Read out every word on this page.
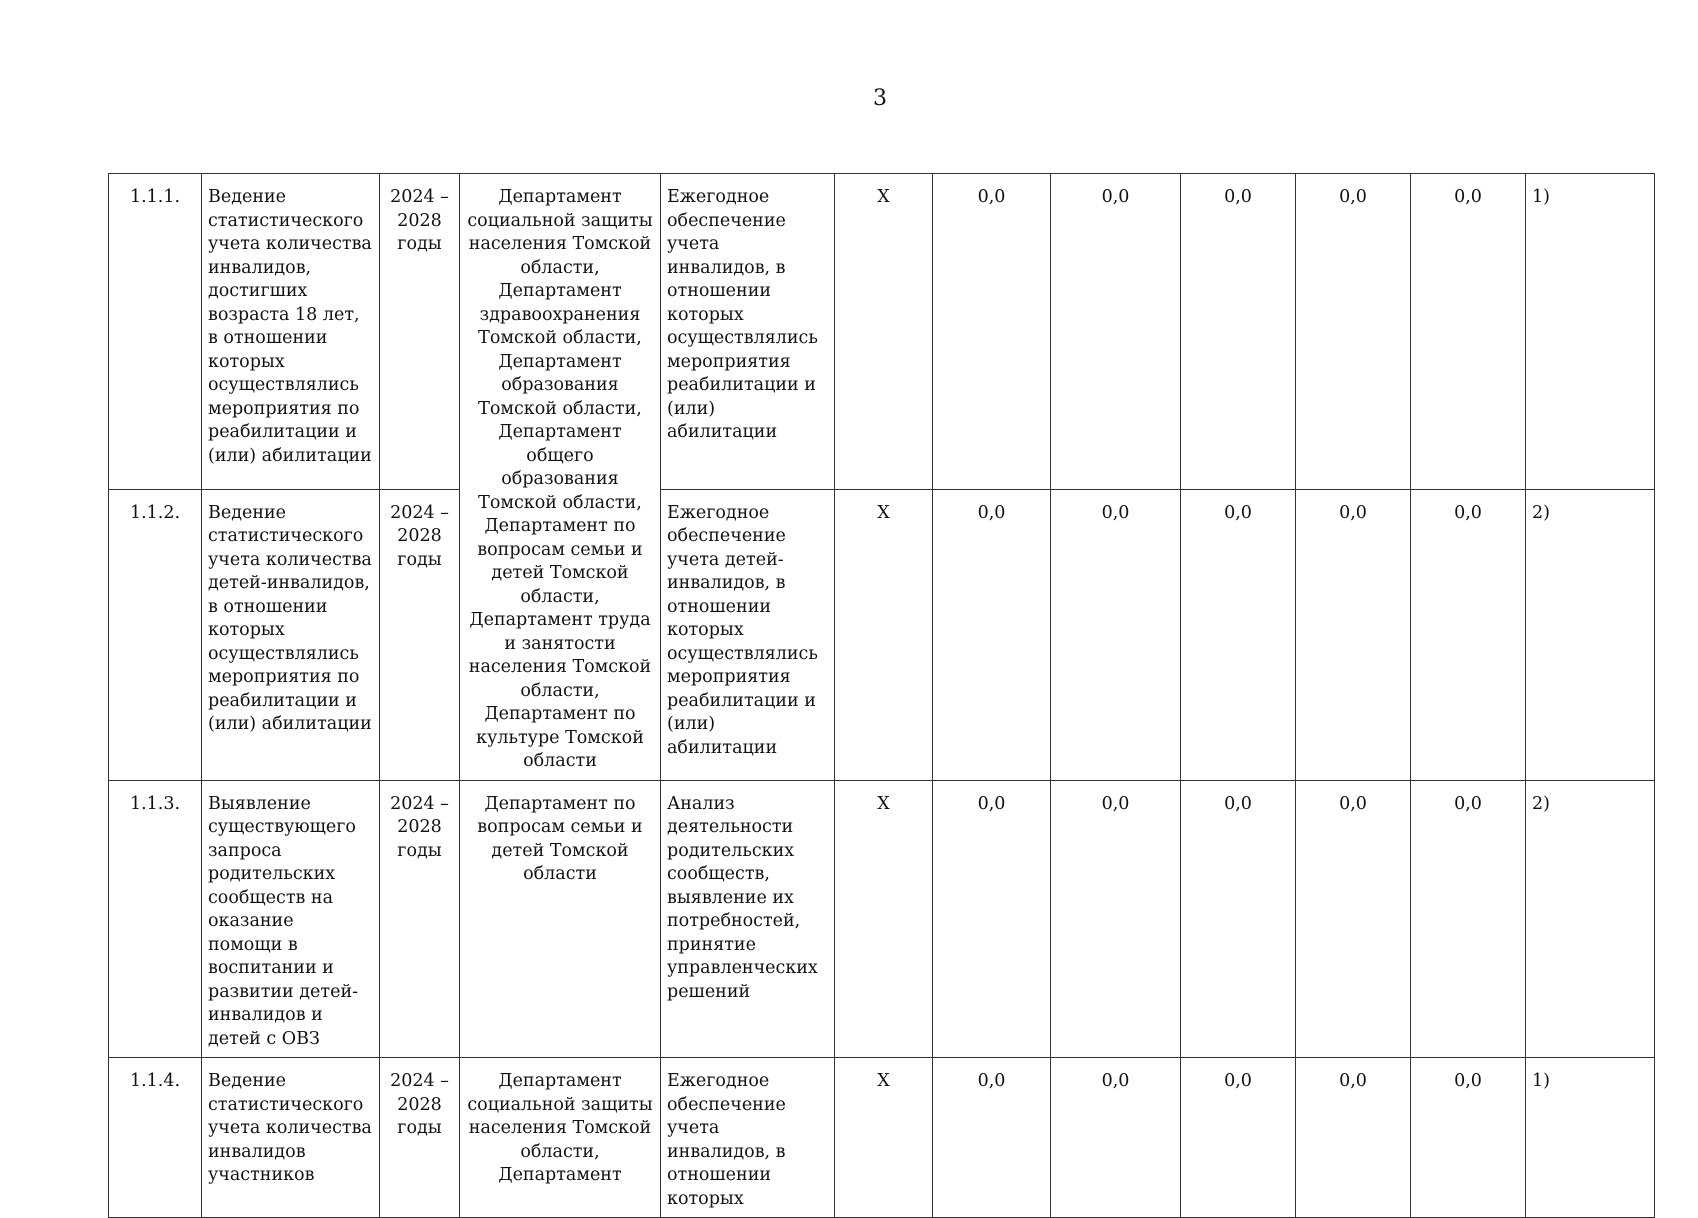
3
1.1.1.	Ведение статистического учета количества инвалидов, достигших возраста 18 лет, в отношении которых осуществлялись мероприятия по реабилитации и (или) абилитации	2024 – 2028 годы	Департамент социальной защиты населения Томской области, Департамент здравоохранения Томской области, Департамент образования Томской области, Департамент общего образования Томской области, Департамент по вопросам семьи и детей Томской области, Департамент труда и занятости населения Томской области, Департамент по культуре Томской области	Ежегодное обеспечение учета инвалидов, в отношении которых осуществлялись мероприятия реабилитации и (или) абилитации	Х	0,0	0,0	0,0	0,0	0,0	1)
1.1.2.	Ведение статистического учета количества детей-инвалидов, в отношении которых осуществлялись мероприятия по реабилитации и (или) абилитации	2024 – 2028 годы		Ежегодное обеспечение учета детей-инвалидов, в отношении которых осуществлялись мероприятия реабилитации и (или) абилитации	Х	0,0	0,0	0,0	0,0	0,0	2)
1.1.3.	Выявление существующего запроса родительских сообществ на оказание помощи в воспитании и развитии детей-инвалидов и детей с ОВЗ	2024 – 2028 годы	Департамент по вопросам семьи и детей Томской области	Анализ деятельности родительских сообществ, выявление их потребностей, принятие управленческих решений	Х	0,0	0,0	0,0	0,0	0,0	2)
1.1.4.	Ведение статистического учета количества инвалидов участников	2024 – 2028 годы	Департамент социальной защиты населения Томской области, Департамент	Ежегодное обеспечение учета инвалидов, в отношении которых	Х	0,0	0,0	0,0	0,0	0,0	1)
